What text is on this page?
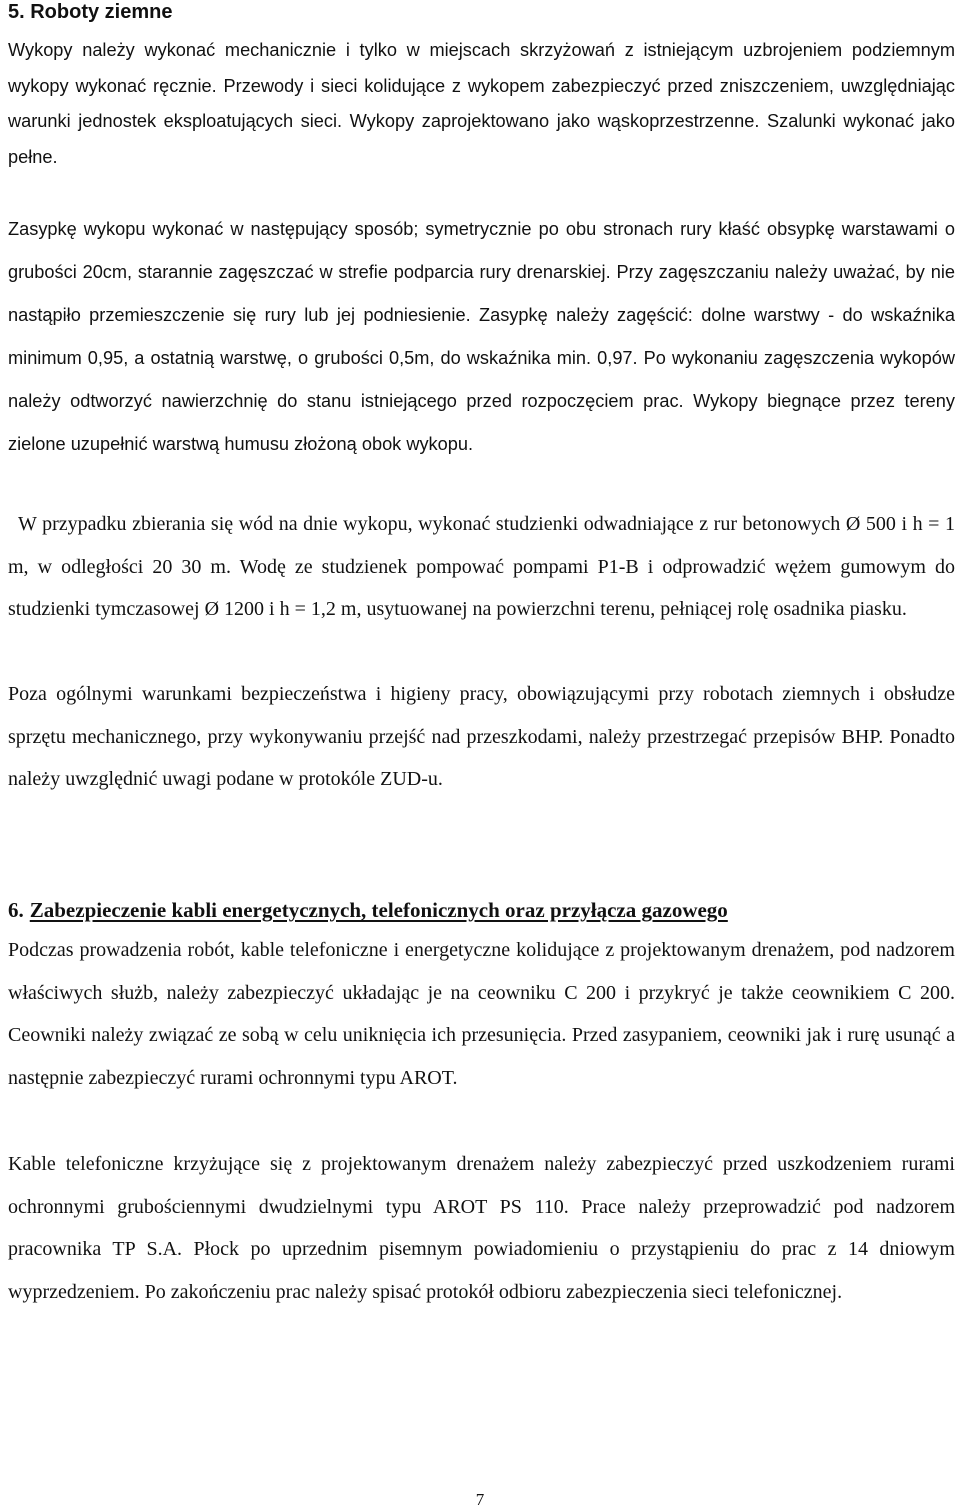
5. Roboty ziemne

Wykopy należy wykonać mechanicznie i tylko w miejscach skrzyżowań z istniejącym uzbrojeniem podziemnym wykopy wykonać ręcznie. Przewody i sieci kolidujące z wykopem zabezpieczyć przed zniszczeniem, uwzględniając warunki jednostek eksploatujących sieci. Wykopy zaprojektowano jako wąskoprzestrzenne. Szalunki wykonać jako pełne.

Zasypkę wykopu wykonać w następujący sposób; symetrycznie po obu stronach rury kłaść obsypkę warstawami o grubości 20cm, starannie zagęszczać w strefie podparcia rury drenarskiej. Przy zagęszczaniu należy uważać, by nie nastąpiło przemieszczenie się rury lub jej podniesienie. Zasypkę należy zagęścić: dolne warstwy - do wskaźnika minimum 0,95, a ostatnią warstwę, o grubości 0,5m, do wskaźnika min. 0,97. Po wykonaniu zagęszczenia wykopów należy odtworzyć nawierzchnię do stanu istniejącego przed rozpoczęciem prac. Wykopy biegnące przez tereny zielone uzupełnić warstwą humusu złożoną obok wykopu.

W przypadku zbierania się wód na dnie wykopu, wykonać studzienki odwadniające z rur betonowych Ø 500 i h = 1 m, w odległości 20 30 m. Wodę ze studzienek pompować pompami P1-B i odprowadzić wężem gumowym do studzienki tymczasowej Ø 1200 i h = 1,2 m, usytuowanej na powierzchni terenu, pełniącej rolę osadnika piasku.

Poza ogólnymi warunkami bezpieczeństwa i higieny pracy, obowiązującymi przy robotach ziemnych i obsłudze sprzętu mechanicznego, przy wykonywaniu przejść nad przeszkodami, należy przestrzegać przepisów BHP. Ponadto należy uwzględnić uwagi podane w protokóle ZUD-u.

6. Zabezpieczenie kabli energetycznych, telefonicznych oraz przyłącza gazowego

Podczas prowadzenia robót, kable telefoniczne i energetyczne kolidujące z projektowanym drenażem, pod nadzorem właściwych służb, należy zabezpieczyć układając je na ceowniku C 200 i przykryć je także ceownikiem C 200. Ceowniki należy związać ze sobą w celu uniknięcia ich przesunięcia. Przed zasypaniem, ceowniki jak i rurę usunąć a następnie zabezpieczyć rurami ochronnymi typu AROT.

Kable telefoniczne krzyżujące się z projektowanym drenażem należy zabezpieczyć przed uszkodzeniem rurami ochronnymi grubościennymi dwudzielnymi typu AROT PS 110. Prace należy przeprowadzić pod nadzorem pracownika TP S.A. Płock po uprzednim pisemnym powiadomieniu o przystąpieniu do prac z 14 dniowym wyprzedzeniem. Po zakończeniu prac należy spisać protokół odbioru zabezpieczenia sieci telefonicznej.

7
